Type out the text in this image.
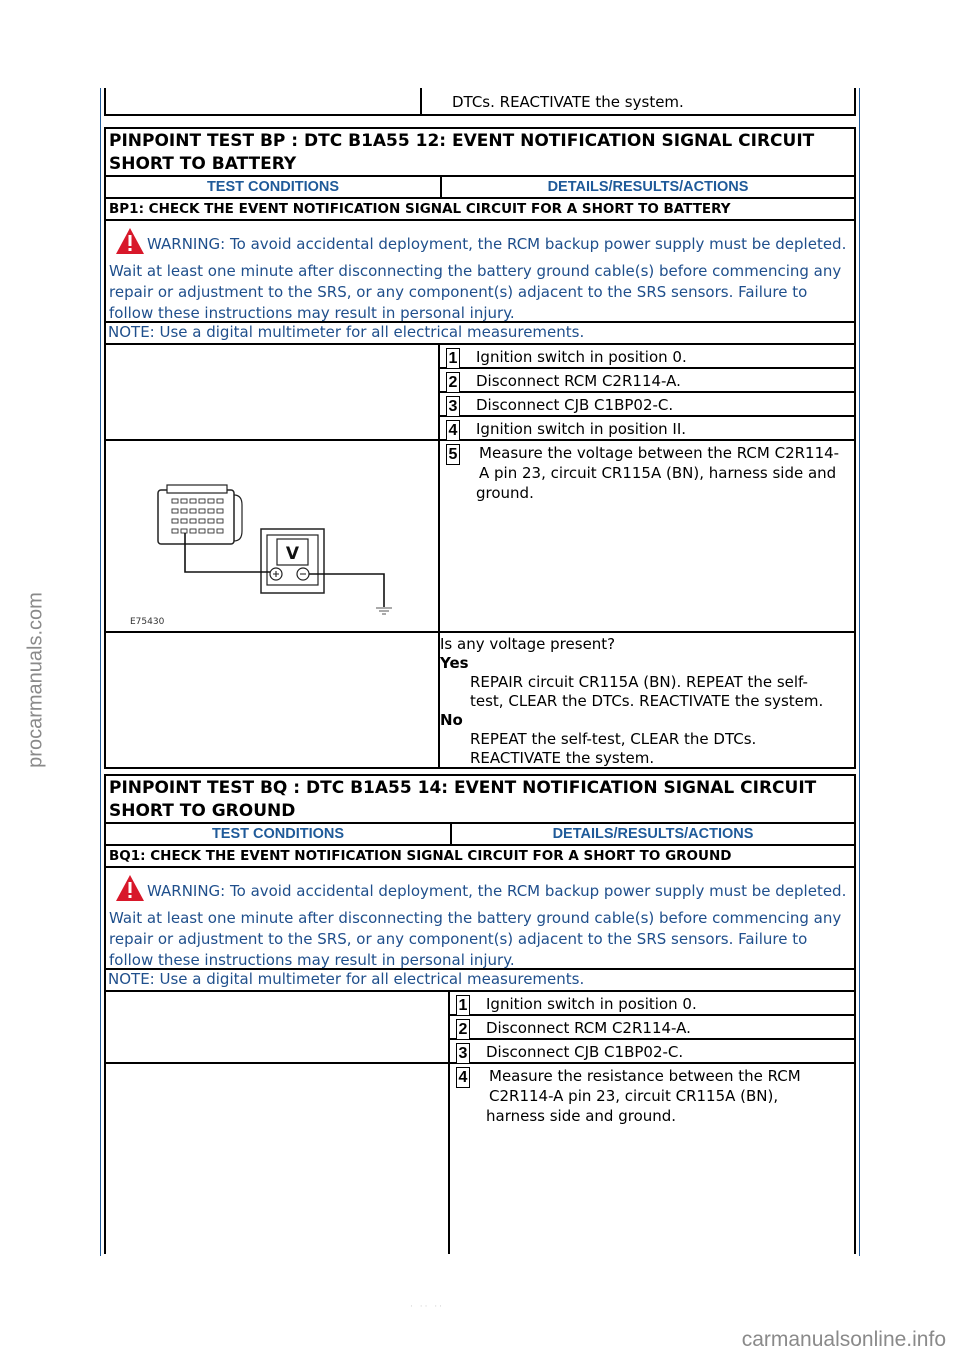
procarmanuals.com
carmanualsonline.info
· ·· ··
DTCs. REACTIVATE the system.
PINPOINT TEST BP : DTC B1A55 12: EVENT NOTIFICATION SIGNAL CIRCUIT SHORT TO BATTERY
TEST CONDITIONS	DETAILS/RESULTS/ACTIONS
BP1: CHECK THE EVENT NOTIFICATION SIGNAL CIRCUIT FOR A SHORT TO BATTERY
WARNING: To avoid accidental deployment, the RCM backup power supply must be depleted. Wait at least one minute after disconnecting the battery ground cable(s) before commencing any repair or adjustment to the SRS, or any component(s) adjacent to the SRS sensors. Failure to follow these instructions may result in personal injury.
NOTE: Use a digital multimeter for all electrical measurements.
1	Ignition switch in position 0.
2	Disconnect RCM C2R114-A.
3	Disconnect CJB C1BP02-C.
4	Ignition switch in position II.
V
E75430
5 Measure the voltage between the RCM C2R114-
A pin 23, circuit CR115A (BN), harness side and
ground.
Is any voltage present?
Yes
REPAIR circuit CR115A (BN). REPEAT the self-
test, CLEAR the DTCs. REACTIVATE the system.
No
REPEAT the self-test, CLEAR the DTCs.
REACTIVATE the system.
PINPOINT TEST BQ : DTC B1A55 14: EVENT NOTIFICATION SIGNAL CIRCUIT SHORT TO GROUND
TEST CONDITIONS	DETAILS/RESULTS/ACTIONS
BQ1: CHECK THE EVENT NOTIFICATION SIGNAL CIRCUIT FOR A SHORT TO GROUND
WARNING: To avoid accidental deployment, the RCM backup power supply must be depleted. Wait at least one minute after disconnecting the battery ground cable(s) before commencing any repair or adjustment to the SRS, or any component(s) adjacent to the SRS sensors. Failure to follow these instructions may result in personal injury.
NOTE: Use a digital multimeter for all electrical measurements.
1	Ignition switch in position 0.
2	Disconnect RCM C2R114-A.
3	Disconnect CJB C1BP02-C.
4 Measure the resistance between the RCM
C2R114-A pin 23, circuit CR115A (BN),
harness side and ground.
